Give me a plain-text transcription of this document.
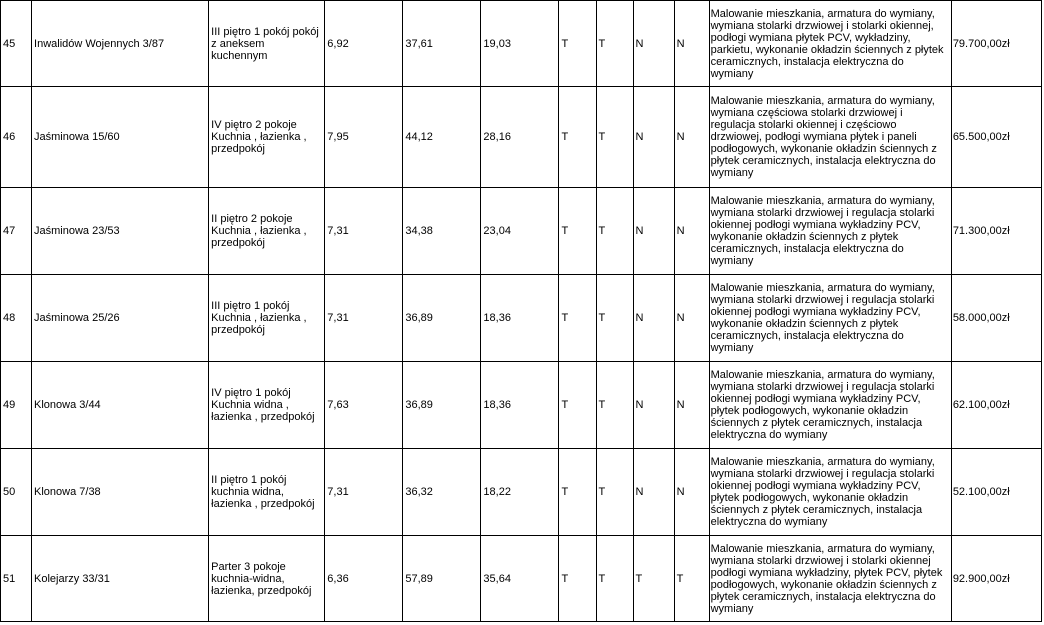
45	Inwalidów Wojennych 3/87	III piętro 1 pokój pokój z aneksem kuchennym	6,92	37,61	19,03	T	T	N	N	Malowanie mieszkania, armatura do wymiany, wymiana stolarki drzwiowej i stolarki okiennej, podłogi wymiana płytek PCV, wykładziny, parkietu, wykonanie okładzin ściennych z płytek ceramicznych, instalacja elektryczna do wymiany	79.700,00zł
46	Jaśminowa 15/60	IV piętro 2 pokoje Kuchnia , łazienka , przedpokój	7,95	44,12	28,16	T	T	N	N	Malowanie mieszkania, armatura do wymiany, wymiana częściowa stolarki drzwiowej i regulacja stolarki okiennej i częściowo drzwiowej, podłogi wymiana płytek i paneli podłogowych, wykonanie okładzin ściennych z płytek ceramicznych, instalacja elektryczna do wymiany	65.500,00zł
47	Jaśminowa 23/53	II piętro 2 pokoje Kuchnia , łazienka , przedpokój	7,31	34,38	23,04	T	T	N	N	Malowanie mieszkania, armatura do wymiany, wymiana stolarki drzwiowej i regulacja stolarki okiennej podłogi wymiana wykładziny PCV, wykonanie okładzin ściennych z płytek ceramicznych, instalacja elektryczna do wymiany	71.300,00zł
48	Jaśminowa 25/26	III piętro 1 pokój Kuchnia , łazienka , przedpokój	7,31	36,89	18,36	T	T	N	N	Malowanie mieszkania, armatura do wymiany, wymiana stolarki drzwiowej i regulacja stolarki okiennej podłogi wymiana wykładziny PCV, wykonanie okładzin ściennych z płytek ceramicznych, instalacja elektryczna do wymiany	58.000,00zł
49	Klonowa 3/44	IV piętro 1 pokój Kuchnia widna , łazienka , przedpokój	7,63	36,89	18,36	T	T	N	N	Malowanie mieszkania, armatura do wymiany, wymiana stolarki drzwiowej i regulacja stolarki okiennej podłogi wymiana wykładziny PCV, płytek podłogowych, wykonanie okładzin ściennych z płytek ceramicznych, instalacja elektryczna do wymiany	62.100,00zł
50	Klonowa 7/38	II piętro 1 pokój kuchnia widna, łazienka , przedpokój	7,31	36,32	18,22	T	T	N	N	Malowanie mieszkania, armatura do wymiany, wymiana stolarki drzwiowej i regulacja stolarki okiennej podłogi wymiana wykładziny PCV, płytek podłogowych, wykonanie okładzin ściennych z płytek ceramicznych, instalacja elektryczna do wymiany	52.100,00zł
51	Kolejarzy 33/31	Parter 3 pokoje kuchnia-widna, łazienka, przedpokój	6,36	57,89	35,64	T	T	T	T	Malowanie mieszkania, armatura do wymiany, wymiana stolarki drzwiowej i stolarki okiennej podłogi wymiana wykładziny, płytek PCV, płytek podłogowych, wykonanie okładzin ściennych z płytek ceramicznych, instalacja elektryczna do wymiany	92.900,00zł
